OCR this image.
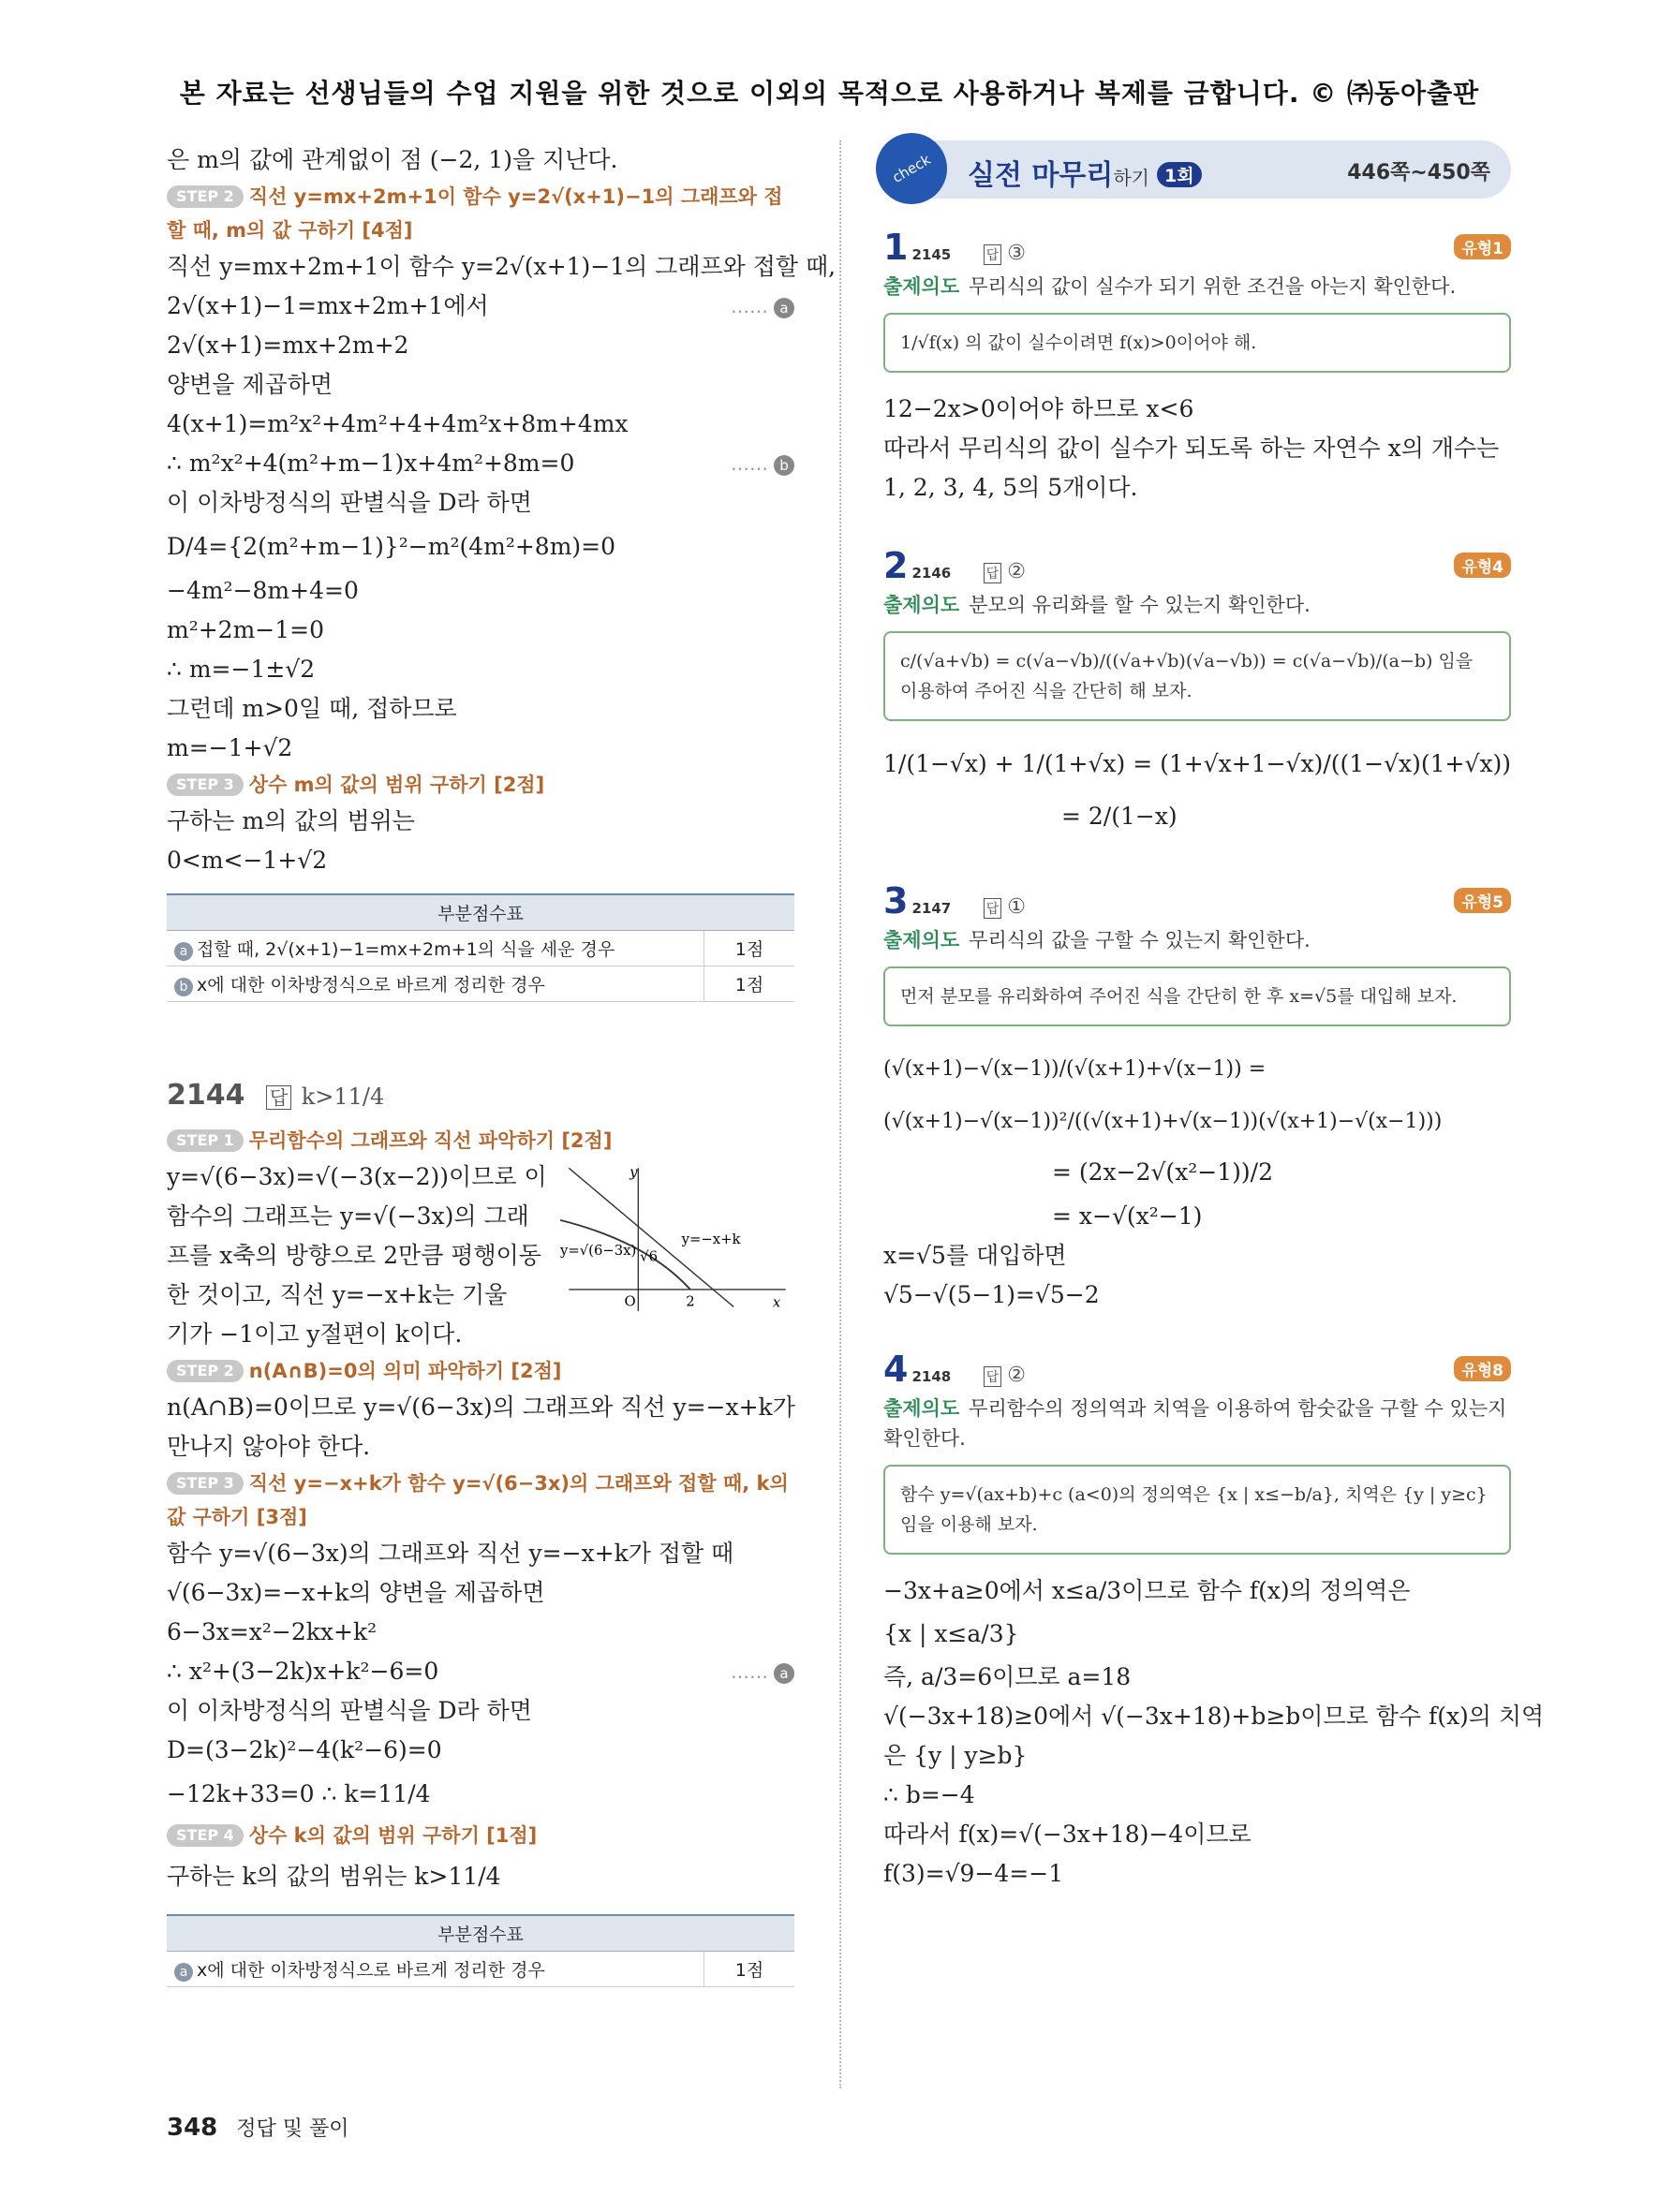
본 자료는 선생님들의 수업 지원을 위한 것으로 이외의 목적으로 사용하거나 복제를 금합니다. © ㈜동아출판
은 m의 값에 관계없이 점 (−2, 1)을 지난다.
STEP 2 직선 y=mx+2m+1이 함수 y=2√(x+1)−1의 그래프와 접할 때, m의 값 구하기 [4점]
직선 y=mx+2m+1이 함수 y=2√(x+1)−1의 그래프와 접할 때,
2√(x+1)−1=mx+2m+1에서	…… a
2√(x+1)=mx+2m+2
양변을 제곱하면
4(x+1)=m²x²+4m²+4+4m²x+8m+4mx
∴ m²x²+4(m²+m−1)x+4m²+8m=0	…… b
이 이차방정식의 판별식을 D라 하면
D/4={2(m²+m−1)}²−m²(4m²+8m)=0
−4m²−8m+4=0
m²+2m−1=0
∴ m=−1±√2
그런데 m>0일 때, 접하므로
m=−1+√2
STEP 3 상수 m의 값의 범위 구하기 [2점]
구하는 m의 값의 범위는
0<m<−1+√2
부분점수표	
a 접할 때, 2√(x+1)−1=mx+2m+1의 식을 세운 경우	1점
b x에 대한 이차방정식으로 바르게 정리한 경우	1점
2144 답 k>11/4
STEP 1 무리함수의 그래프와 직선 파악하기 [2점]
y=√(6−3x)=√(−3(x−2))이므로 이
함수의 그래프는 y=√(−3x)의 그래
프를 x축의 방향으로 2만큼 평행이동
한 것이고, 직선 y=−x+k는 기울
기가 −1이고 y절편이 k이다.
y
x
O	2
√6
y=√(6−3x)
y=−x+k
STEP 2 n(A∩B)=0의 의미 파악하기 [2점]
n(A∩B)=0이므로 y=√(6−3x)의 그래프와 직선 y=−x+k가
만나지 않아야 한다.
STEP 3 직선 y=−x+k가 함수 y=√(6−3x)의 그래프와 접할 때, k의 값 구하기 [3점]
함수 y=√(6−3x)의 그래프와 직선 y=−x+k가 접할 때
√(6−3x)=−x+k의 양변을 제곱하면
6−3x=x²−2kx+k²
∴ x²+(3−2k)x+k²−6=0	…… a
이 이차방정식의 판별식을 D라 하면
D=(3−2k)²−4(k²−6)=0
−12k+33=0 ∴ k=11/4
STEP 4 상수 k의 값의 범위 구하기 [1점]
구하는 k의 값의 범위는 k>11/4
부분점수표
a x에 대한 이차방정식으로 바르게 정리한 경우	1점
check	실전 마무리하기 1회	446쪽~450쪽
1 2145	답 ③	유형1
출제의도 무리식의 값이 실수가 되기 위한 조건을 아는지 확인한다.
1/√f(x) 의 값이 실수이려면 f(x)>0이어야 해.
12−2x>0이어야 하므로 x<6
따라서 무리식의 값이 실수가 되도록 하는 자연수 x의 개수는
1, 2, 3, 4, 5의 5개이다.
2 2146	답 ②	유형4
출제의도 분모의 유리화를 할 수 있는지 확인한다.
c/(√a+√b) = c(√a−√b)/((√a+√b)(√a−√b)) = c(√a−√b)/(a−b) 임을 이용하여 주어진 식을 간단히 해 보자.
1/(1−√x) + 1/(1+√x) = (1+√x+1−√x)/((1−√x)(1+√x))
= 2/(1−x)
3 2147	답 ①	유형5
출제의도 무리식의 값을 구할 수 있는지 확인한다.
먼저 분모를 유리화하여 주어진 식을 간단히 한 후 x=√5를 대입해 보자.
(√(x+1)−√(x−1))/(√(x+1)+√(x−1)) = (√(x+1)−√(x−1))²/((√(x+1)+√(x−1))(√(x+1)−√(x−1)))
= (2x−2√(x²−1))/2
= x−√(x²−1)
x=√5를 대입하면
√5−√(5−1)=√5−2
4 2148	답 ②	유형8
출제의도 무리함수의 정의역과 치역을 이용하여 함숫값을 구할 수 있는지 확인한다.
함수 y=√(ax+b)+c (a<0)의 정의역은 {x | x≤−b/a}, 치역은 {y | y≥c}임을 이용해 보자.
−3x+a≥0에서 x≤a/3이므로 함수 f(x)의 정의역은
{x | x≤a/3}
즉, a/3=6이므로 a=18
√(−3x+18)≥0에서 √(−3x+18)+b≥b이므로 함수 f(x)의 치역
은 {y | y≥b}
∴ b=−4
따라서 f(x)=√(−3x+18)−4이므로
f(3)=√9−4=−1
348 정답 및 풀이
